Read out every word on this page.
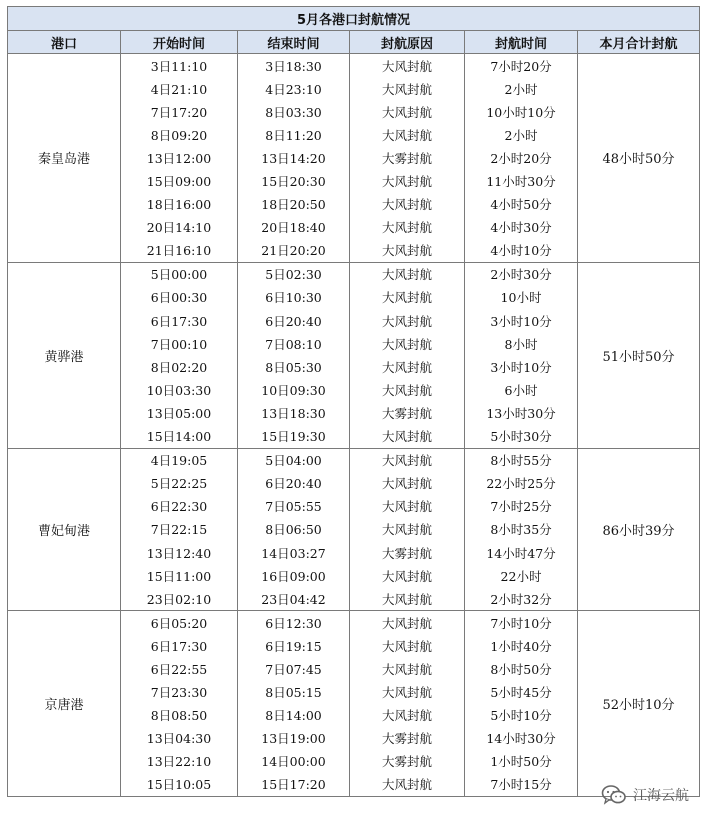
5月各港口封航情况					
港口	开始时间	结束时间	封航原因	封航时间	本月合计封航
秦皇岛港	3日11:10	3日18:30	大风封航	7小时20分	48小时50分
	4日21:10	4日23:10	大风封航	2小时	
	7日17:20	8日03:30	大风封航	10小时10分	
	8日09:20	8日11:20	大风封航	2小时	
	13日12:00	13日14:20	大雾封航	2小时20分	
	15日09:00	15日20:30	大风封航	11小时30分	
	18日16:00	18日20:50	大风封航	4小时50分	
	20日14:10	20日18:40	大风封航	4小时30分	
	21日16:10	21日20:20	大风封航	4小时10分	
黄骅港	5日00:00	5日02:30	大风封航	2小时30分	51小时50分
	6日00:30	6日10:30	大风封航	10小时	
	6日17:30	6日20:40	大风封航	3小时10分	
	7日00:10	7日08:10	大风封航	8小时	
	8日02:20	8日05:30	大风封航	3小时10分	
	10日03:30	10日09:30	大风封航	6小时	
	13日05:00	13日18:30	大雾封航	13小时30分	
	15日14:00	15日19:30	大风封航	5小时30分	
曹妃甸港	4日19:05	5日04:00	大风封航	8小时55分	86小时39分
	5日22:25	6日20:40	大风封航	22小时25分	
	6日22:30	7日05:55	大风封航	7小时25分	
	7日22:15	8日06:50	大风封航	8小时35分	
	13日12:40	14日03:27	大雾封航	14小时47分	
	15日11:00	16日09:00	大风封航	22小时	
	23日02:10	23日04:42	大风封航	2小时32分	
京唐港	6日05:20	6日12:30	大风封航	7小时10分	52小时10分
	6日17:30	6日19:15	大风封航	1小时40分	
	6日22:55	7日07:45	大风封航	8小时50分	
	7日23:30	8日05:15	大风封航	5小时45分	
	8日08:50	8日14:00	大风封航	5小时10分	
	13日04:30	13日19:00	大雾封航	14小时30分	
	13日22:10	14日00:00	大雾封航	1小时50分	
	15日10:05	15日17:20	大风封航	7小时15分	
江海云航
